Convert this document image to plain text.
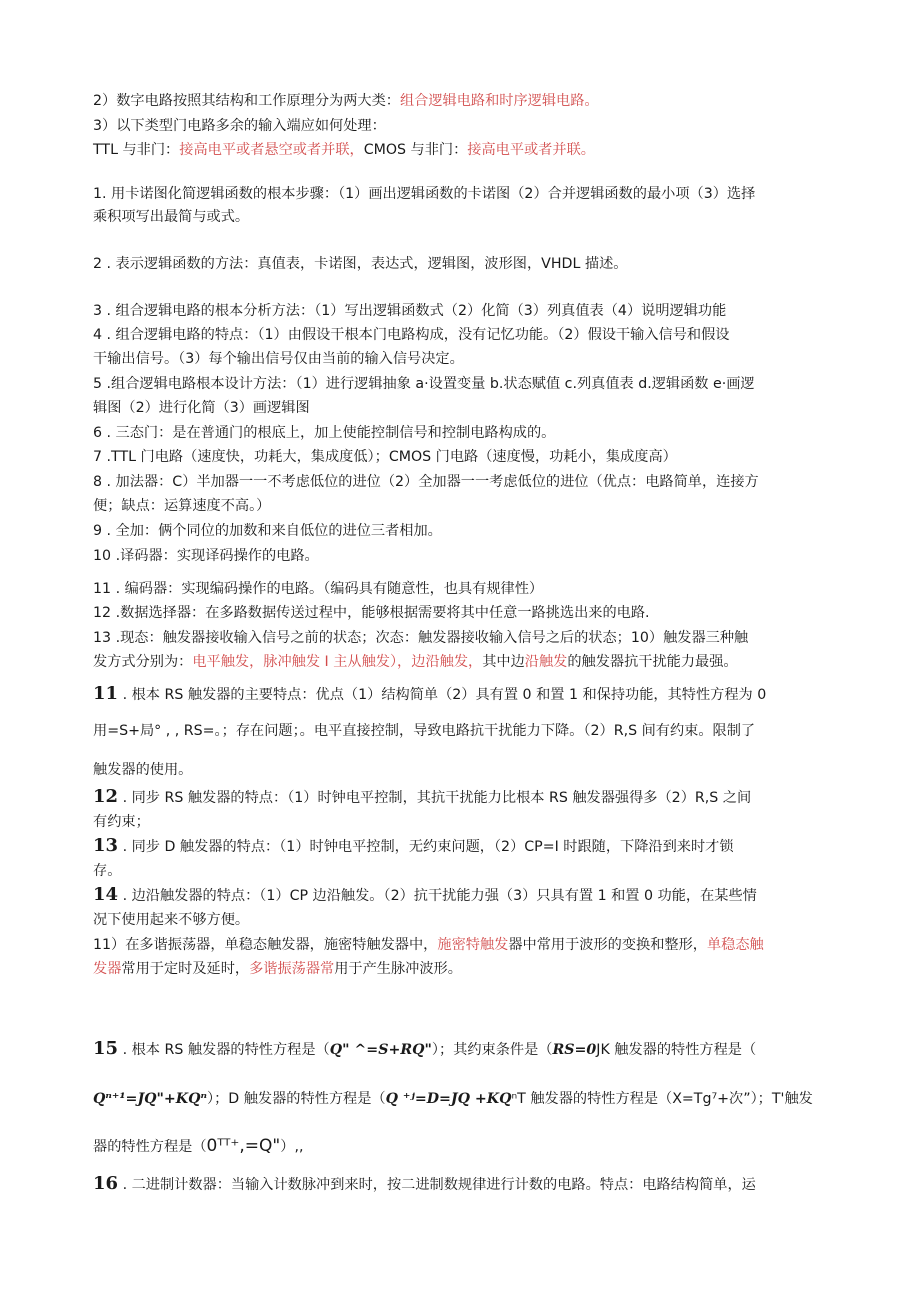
2）数字电路按照其结构和工作原理分为两大类：组合逻辑电路和时序逻辑电路。
3）以下类型门电路多余的输入端应如何处理：
TTL 与非门：接高电平或者悬空或者并联，CMOS 与非门：接高电平或者并联。
1. 用卡诺图化简逻辑函数的根本步骤：（1）画出逻辑函数的卡诺图（2）合并逻辑函数的最小项（3）选择
乘积项写出最简与或式。
2 . 表示逻辑函数的方法：真值表，卡诺图，表达式，逻辑图，波形图，VHDL 描述。
3 . 组合逻辑电路的根本分析方法：（1）写出逻辑函数式（2）化简（3）列真值表（4）说明逻辑功能
4 . 组合逻辑电路的特点：（1）由假设干根本门电路构成，没有记忆功能。（2）假设干输入信号和假设
干输出信号。（3）每个输出信号仅由当前的输入信号决定。
5 .组合逻辑电路根本设计方法：（1）进行逻辑抽象 a·设置变量 b.状态赋值 c.列真值表 d.逻辑函数 e·画逻
辑图（2）进行化简（3）画逻辑图
6 . 三态门：是在普通门的根底上，加上使能控制信号和控制电路构成的。
7 .TTL 门电路（速度快，功耗大，集成度低）；CMOS 门电路（速度慢，功耗小，集成度高）
8 . 加法器：C）半加器一一不考虑低位的进位（2）全加器一一考虑低位的进位（优点：电路简单，连接方
便；缺点：运算速度不高。）
9 . 全加：俩个同位的加数和来自低位的进位三者相加。
10 .译码器：实现译码操作的电路。
11 . 编码器：实现编码操作的电路。（编码具有随意性，也具有规律性）
12 .数据选择器：在多路数据传送过程中，能够根据需要将其中任意一路挑选出来的电路.
13 .现态：触发器接收输入信号之前的状态；次态：触发器接收输入信号之后的状态；10）触发器三种触
发方式分别为：电平触发，脉冲触发 I 主从触发），边沿触发，其中边沿触发的触发器抗干扰能力最强。
11 . 根本 RS 触发器的主要特点：优点（1）结构简单（2）具有置 0 和置 1 和保持功能，其特性方程为 0
用=S+局° , , RS=。；存在问题；。电平直接控制，导致电路抗干扰能力下降。（2）R,S 间有约束。限制了
触发器的使用。
12 . 同步 RS 触发器的特点：（1）时钟电平控制，其抗干扰能力比根本 RS 触发器强得多（2）R,S 之间
有约束；
13 . 同步 D 触发器的特点：（1）时钟电平控制，无约束问题，（2）CP=I 时跟随，下降沿到来时才锁
存。
14 . 边沿触发器的特点：（1）CP 边沿触发。（2）抗干扰能力强（3）只具有置 1 和置 0 功能，在某些情
况下使用起来不够方便。
11）在多谐振荡器，单稳态触发器，施密特触发器中，施密特触发器中常用于波形的变换和整形，单稳态触
发器常用于定时及延时，多谐振荡器常用于产生脉冲波形。
15 . 根本 RS 触发器的特性方程是（Q" ^=S+RQ"）；其约束条件是（RS=0JK 触发器的特性方程是（
Qⁿ⁺¹=JQ"+KQⁿ）；D 触发器的特性方程是（Q ⁺ʲ=D=JQ +KQⁿT 触发器的特性方程是（X=Tg⁷+次”）；T'触发
器的特性方程是（0ᵀᵀ⁺,=Q"）,,
16 . 二进制计数器：当输入计数脉冲到来时，按二进制数规律进行计数的电路。特点：电路结构简单，运
